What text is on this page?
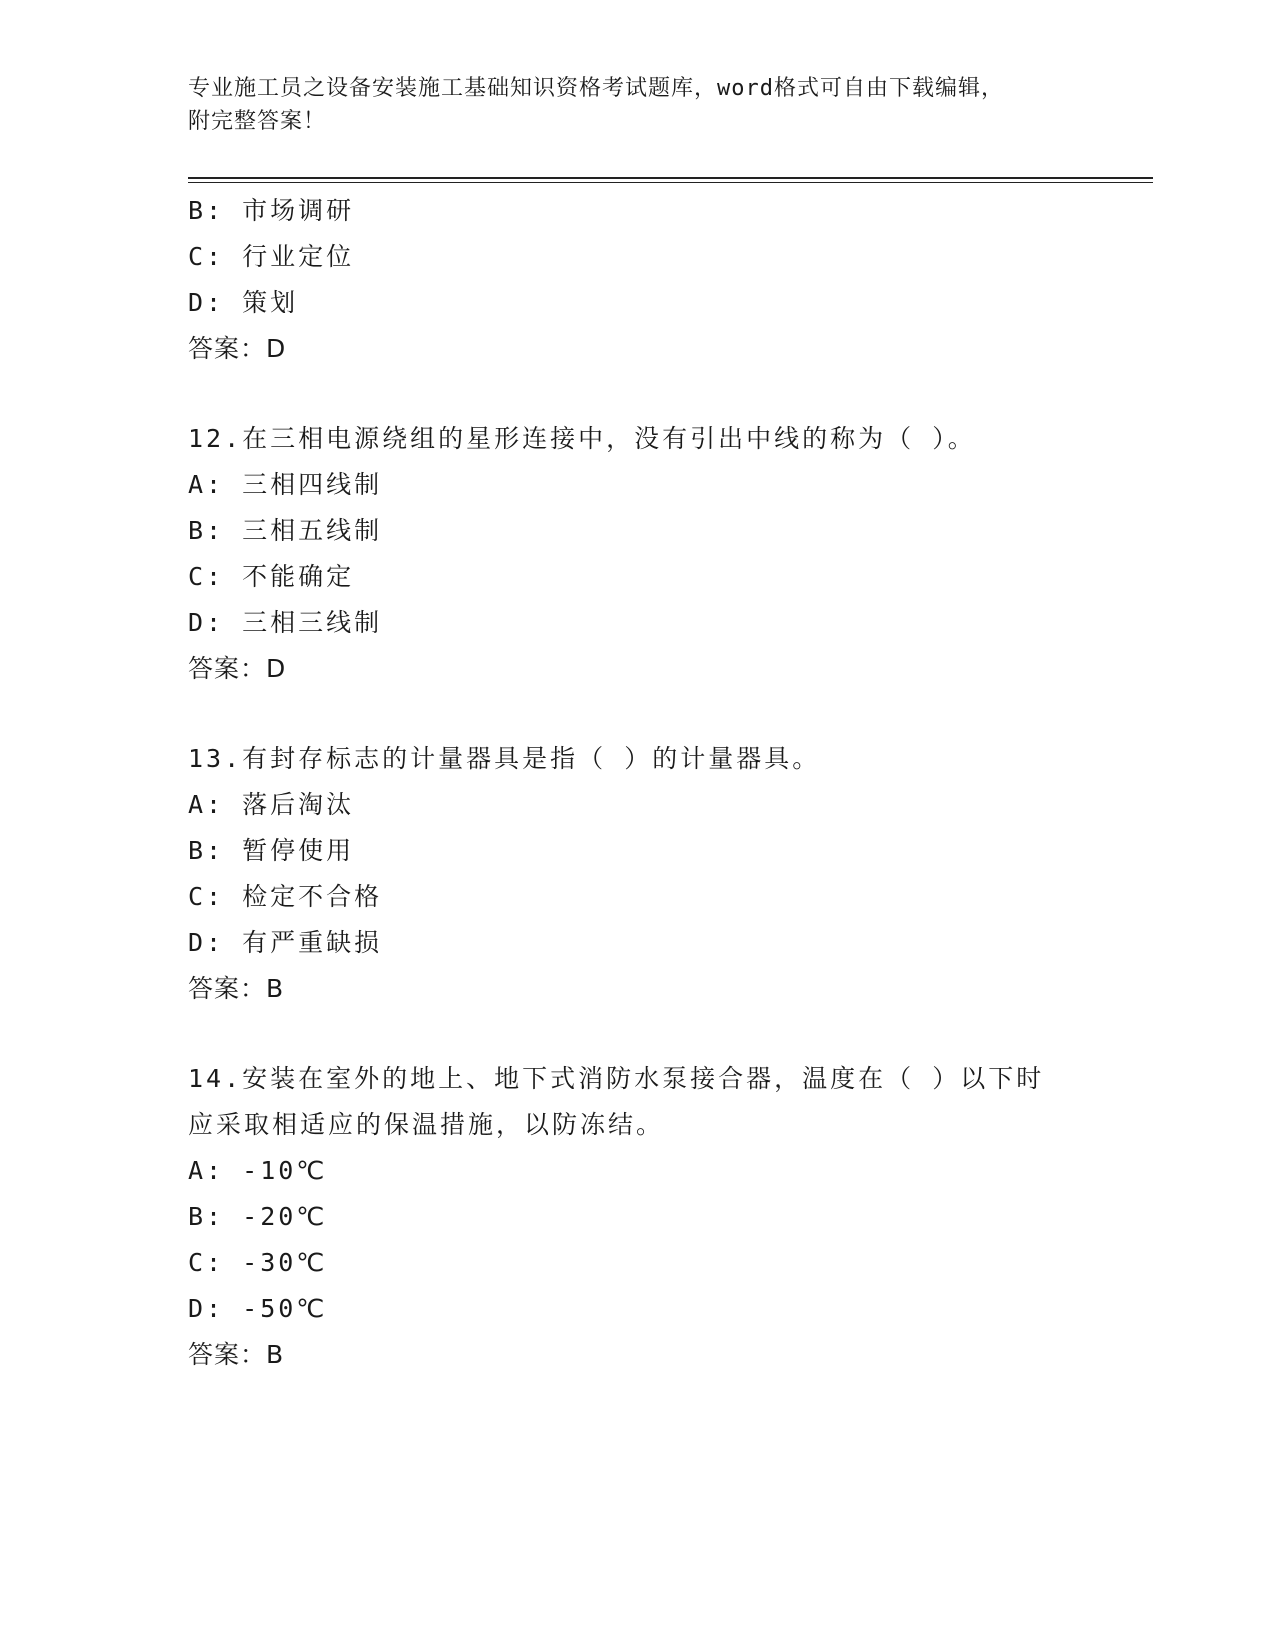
专业施工员之设备安装施工基础知识资格考试题库，word格式可自由下载编辑，
附完整答案！
B: 市场调研
C: 行业定位
D: 策划
答案：D
12.在三相电源绕组的星形连接中，没有引出中线的称为（ ）。
A: 三相四线制
B: 三相五线制
C: 不能确定
D: 三相三线制
答案：D
13.有封存标志的计量器具是指（ ）的计量器具。
A: 落后淘汰
B: 暂停使用
C: 检定不合格
D: 有严重缺损
答案：B
14.安装在室外的地上、地下式消防水泵接合器，温度在（ ）以下时
应采取相适应的保温措施，以防冻结。
A: -10℃
B: -20℃
C: -30℃
D: -50℃
答案：B
